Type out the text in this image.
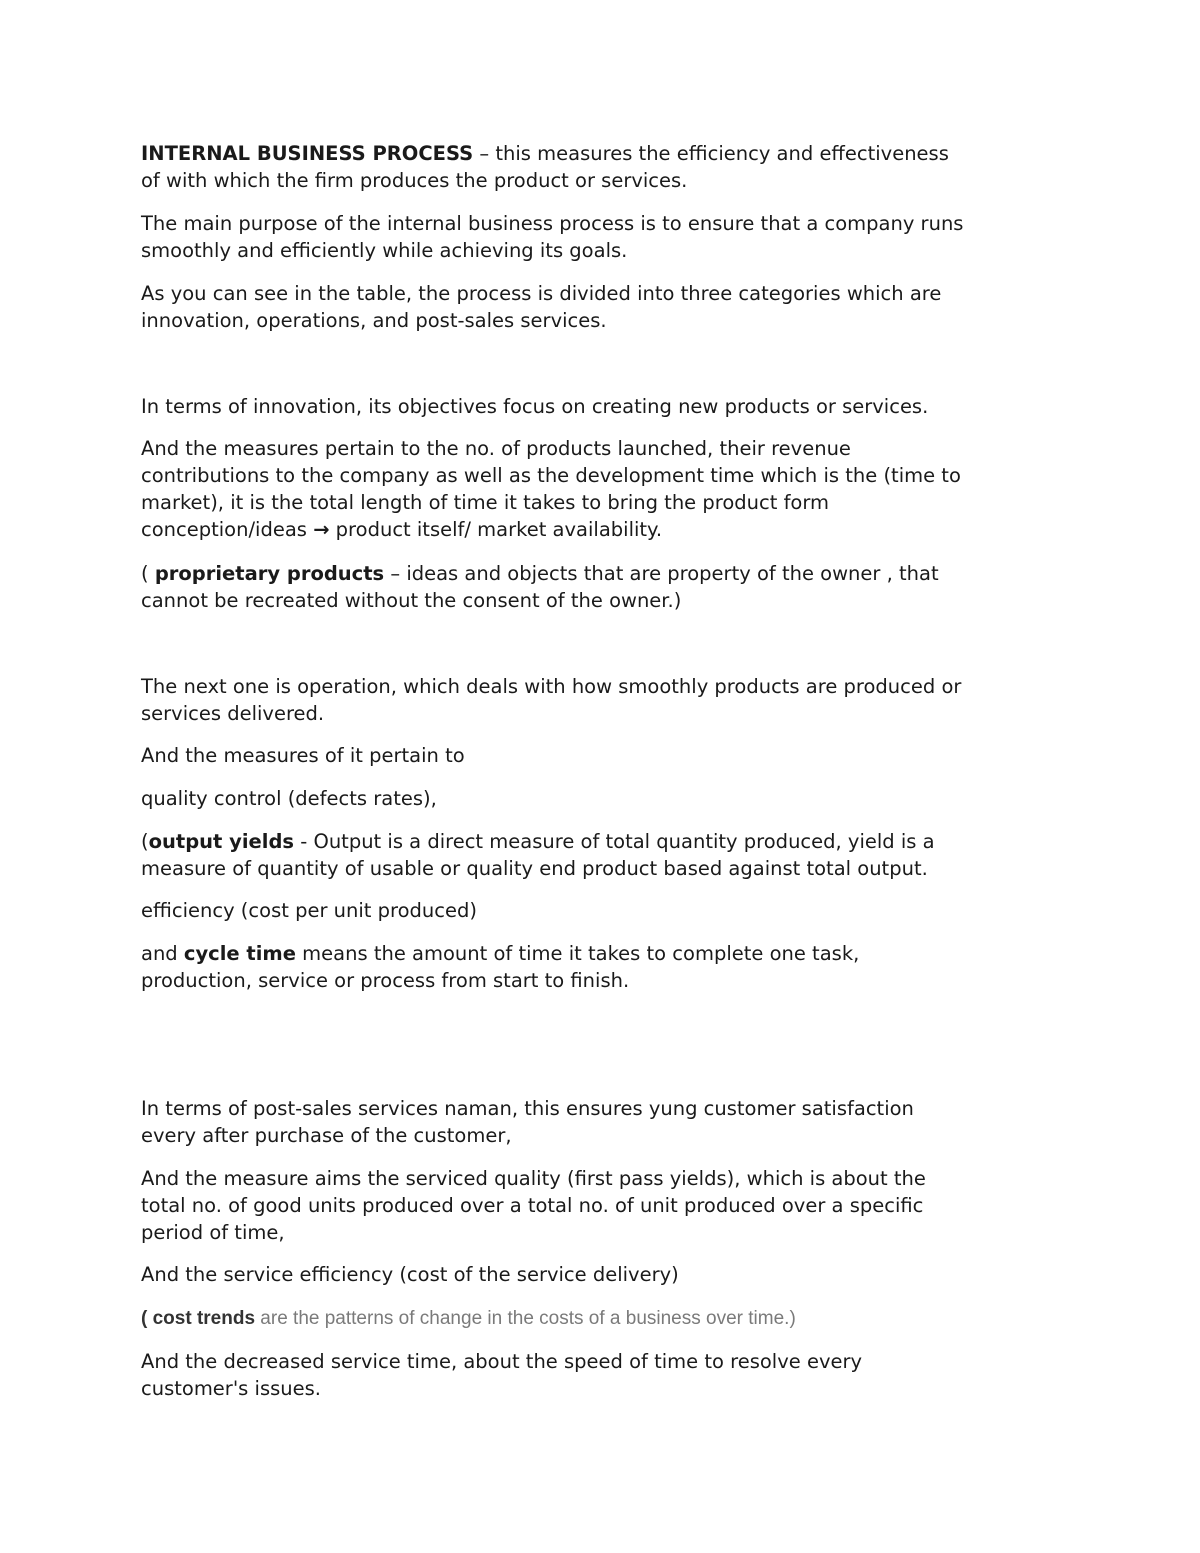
INTERNAL BUSINESS PROCESS – this measures the efficiency and effectiveness
of with which the firm produces the product or services.

The main purpose of the internal business process is to ensure that a company runs
smoothly and efficiently while achieving its goals.

As you can see in the table, the process is divided into three categories which are
innovation, operations, and post-sales services.

In terms of innovation, its objectives focus on creating new products or services.

And the measures pertain to the no. of products launched, their revenue
contributions to the company as well as the development time which is the (time to
market), it is the total length of time it takes to bring the product form
conception/ideas → product itself/ market availability.

( proprietary products – ideas and objects that are property of the owner , that
cannot be recreated without the consent of the owner.)

The next one is operation, which deals with how smoothly products are produced or
services delivered.

And the measures of it pertain to

quality control (defects rates),

(output yields - Output is a direct measure of total quantity produced, yield is a
measure of quantity of usable or quality end product based against total output.

efficiency (cost per unit produced)

and cycle time means the amount of time it takes to complete one task,
production, service or process from start to finish.

In terms of post-sales services naman, this ensures yung customer satisfaction
every after purchase of the customer,

And the measure aims the serviced quality (first pass yields), which is about the
total no. of good units produced over a total no. of unit produced over a specific
period of time,

And the service efficiency (cost of the service delivery)

( cost trends are the patterns of change in the costs of a business over time.)

And the decreased service time, about the speed of time to resolve every
customer's issues.
